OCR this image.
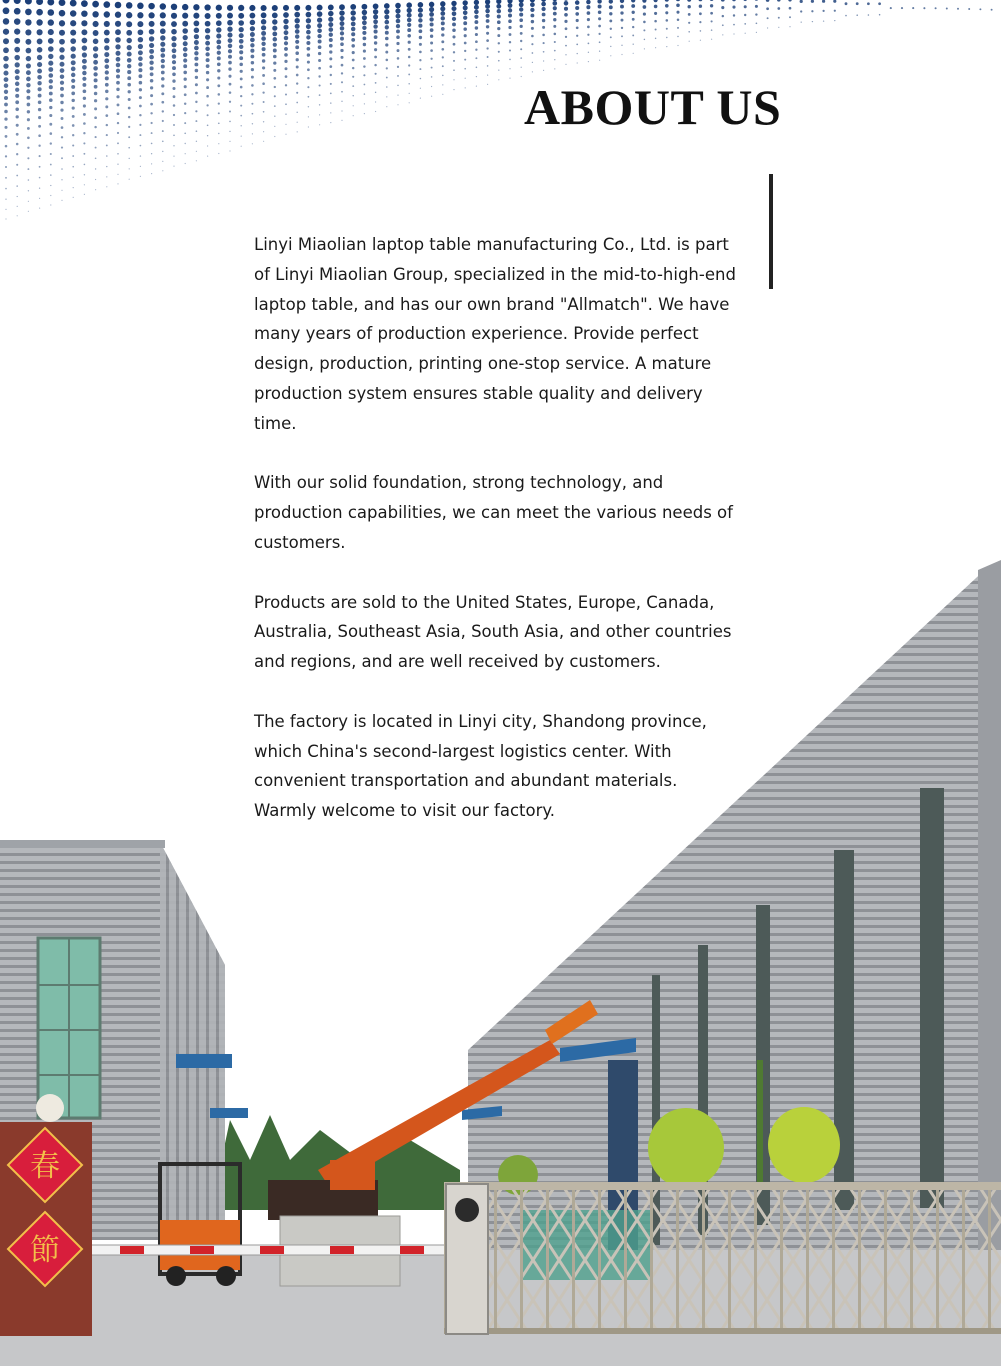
ABOUT US

Linyi Miaolian laptop table manufacturing Co., Ltd. is part of Linyi Miaolian Group, specialized in the mid-to-high-end laptop table, and has our own brand "Allmatch". We have many years of production experience. Provide perfect design, production, printing one-stop service. A mature production system ensures stable quality and delivery time.

With our solid foundation, strong technology, and production capabilities, we can meet the various needs of customers.

Products are sold to the United States, Europe, Canada, Australia, Southeast Asia, South Asia, and other countries and regions, and are well received by customers.

The factory is located in Linyi city, Shandong province, which China's second-largest logistics center. With convenient transportation and abundant materials. Warmly welcome to visit our factory.

春
節
